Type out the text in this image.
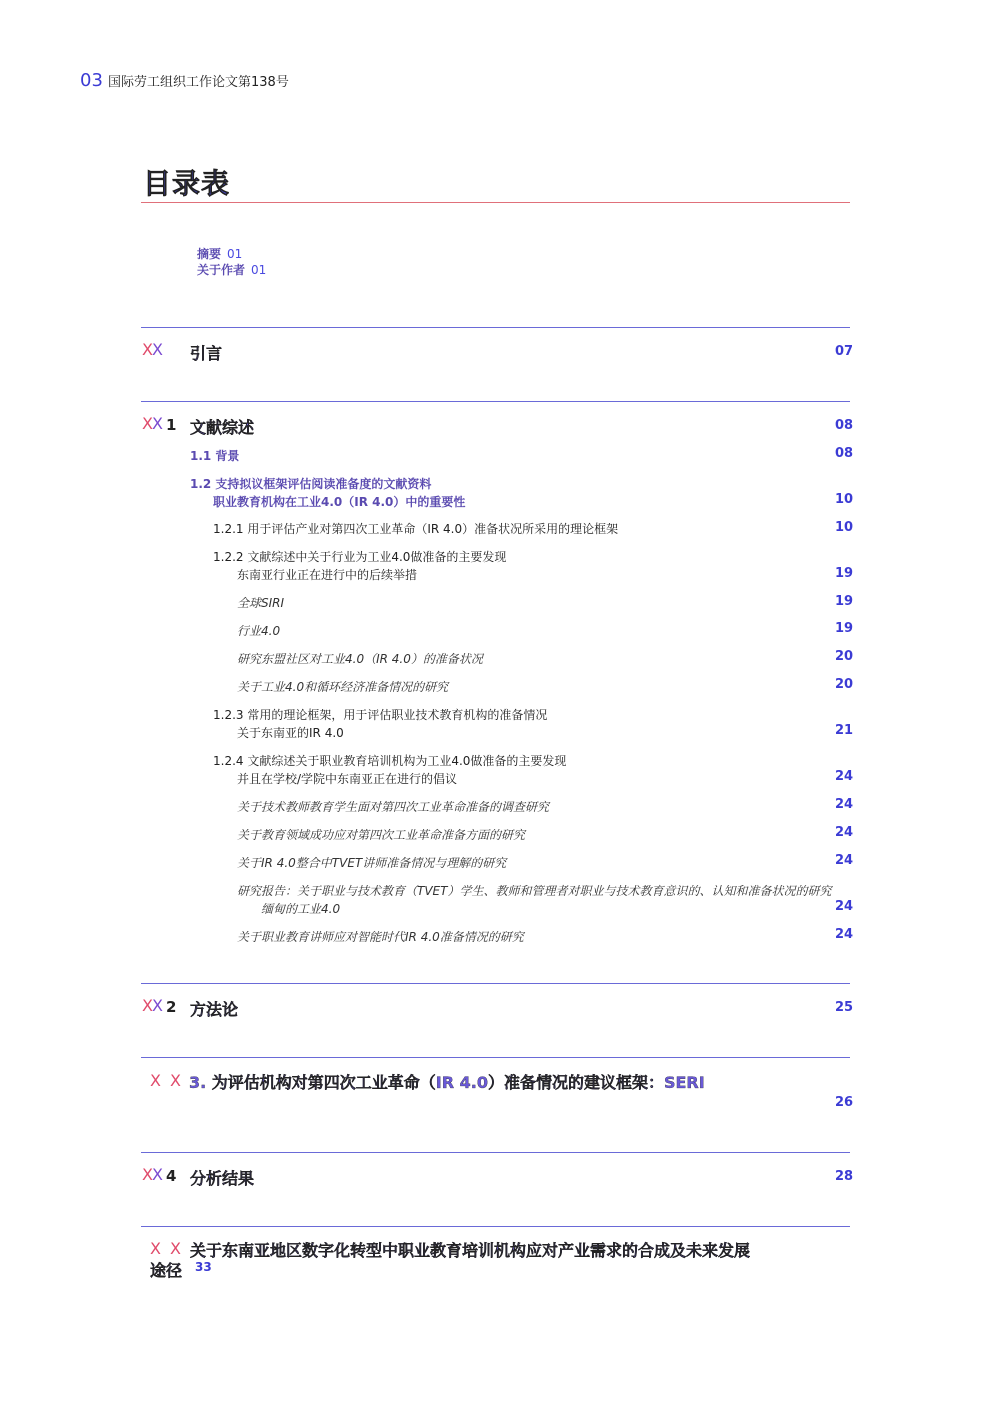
03 国际劳工组织工作论文第138号
目录表
摘要 01
关于作者 01
XX 引言	07
XX 1 文献综述	08
1.1 背景	08
1.2 支持拟议框架评估阅读准备度的文献资料
职业教育机构在工业4.0（IR 4.0）中的重要性	10
1.2.1 用于评估产业对第四次工业革命（IR 4.0）准备状况所采用的理论框架	10
1.2.2 文献综述中关于行业为工业4.0做准备的主要发现
东南亚行业正在进行中的后续举措	19
全球SIRI	19
行业4.0	19
研究东盟社区对工业4.0（IR 4.0）的准备状况	20
关于工业4.0和循环经济准备情况的研究	20
1.2.3 常用的理论框架，用于评估职业技术教育机构的准备情况
关于东南亚的IR 4.0	21
1.2.4 文献综述关于职业教育培训机构为工业4.0做准备的主要发现
并且在学校/学院中东南亚正在进行的倡议	24
关于技术教师教育学生面对第四次工业革命准备的调查研究	24
关于教育领域成功应对第四次工业革命准备方面的研究	24
关于IR 4.0整合中TVET讲师准备情况与理解的研究	24
研究报告：关于职业与技术教育（TVET）学生、教师和管理者对职业与技术教育意识的、认知和准备状况的研究
缅甸的工业4.0	24
关于职业教育讲师应对智能时代IR 4.0准备情况的研究	24
XX 2 方法论	25
X X 3. 为评估机构对第四次工业革命（IR 4.0）准备情况的建议框架：SERI
26
XX 4 分析结果	28
X X 关于东南亚地区数字化转型中职业教育培训机构应对产业需求的合成及未来发展
途径 33
